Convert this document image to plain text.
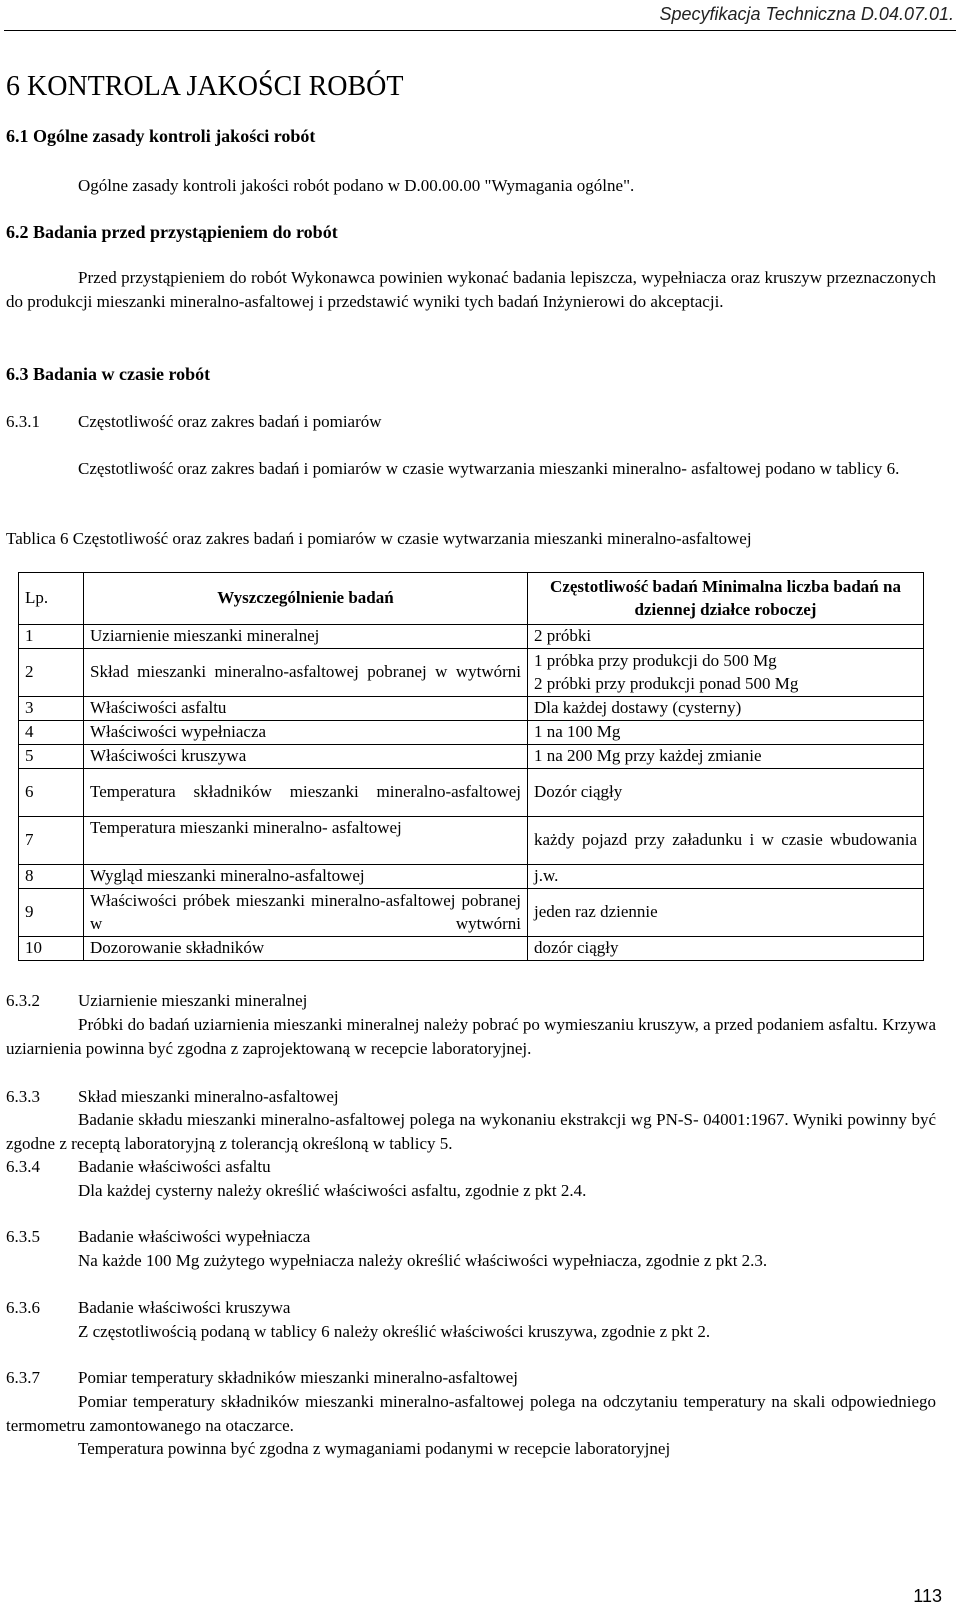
Specyfikacja Techniczna D.04.07.01.
6 KONTROLA JAKOŚCI ROBÓT
6.1 Ogólne zasady kontroli jakości robót

Ogólne zasady kontroli jakości robót podano w D.00.00.00 "Wymagania ogólne".

6.2 Badania przed przystąpieniem do robót

Przed przystąpieniem do robót Wykonawca powinien wykonać badania lepiszcza, wypełniacza oraz kruszyw przeznaczonych do produkcji mieszanki mineralno-asfaltowej i przedstawić wyniki tych badań Inżynierowi do akceptacji.

6.3 Badania w czasie robót
6.3.1 Częstotliwość oraz zakres badań i pomiarów

Częstotliwość oraz zakres badań i pomiarów w czasie wytwarzania mieszanki mineralno- asfaltowej podano w tablicy 6.

Tablica 6 Częstotliwość oraz zakres badań i pomiarów w czasie wytwarzania mieszanki mineralno-asfaltowej

Lp.	Wyszczególnienie badań	Częstotliwość badań Minimalna liczba badań na dziennej działce roboczej
1	Uziarnienie mieszanki mineralnej	2 próbki
2	Skład mieszanki mineralno-asfaltowej pobranej w wytwórni	1 próbka przy produkcji do 500 Mg
2 próbki przy produkcji ponad 500 Mg

3	Właściwości asfaltu	Dla każdej dostawy (cysterny)
4	Właściwości wypełniacza	1 na 100 Mg
5	Właściwości kruszywa	1 na 200 Mg przy każdej zmianie
6	Temperatura składników mieszanki mineralno-asfaltowej	Dozór ciągły
7	Temperatura mieszanki mineralno- asfaltowej	każdy pojazd przy załadunku i w czasie wbudowania
8	Wygląd mieszanki mineralno-asfaltowej	j.w.
9	Właściwości próbek mieszanki mineralno-asfaltowej pobranej w wytwórni	jeden raz dziennie
10	Dozorowanie składników	dozór ciągły
6.3.2 Uziarnienie mieszanki mineralnej

Próbki do badań uziarnienia mieszanki mineralnej należy pobrać po wymieszaniu kruszyw, a przed podaniem asfaltu. Krzywa uziarnienia powinna być zgodna z zaprojektowaną w recepcie laboratoryjnej.

6.3.3 Skład mieszanki mineralno-asfaltowej

Badanie składu mieszanki mineralno-asfaltowej polega na wykonaniu ekstrakcji wg PN-S- 04001:1967. Wyniki powinny być zgodne z receptą laboratoryjną z tolerancją określoną w tablicy 5.

6.3.4 Badanie właściwości asfaltu

Dla każdej cysterny należy określić właściwości asfaltu, zgodnie z pkt 2.4.

6.3.5 Badanie właściwości wypełniacza

Na każde 100 Mg zużytego wypełniacza należy określić właściwości wypełniacza, zgodnie z pkt 2.3.

6.3.6 Badanie właściwości kruszywa

Z częstotliwością podaną w tablicy 6 należy określić właściwości kruszywa, zgodnie z pkt 2.

6.3.7 Pomiar temperatury składników mieszanki mineralno-asfaltowej

Pomiar temperatury składników mieszanki mineralno-asfaltowej polega na odczytaniu temperatury na skali odpowiedniego termometru zamontowanego na otaczarce.

Temperatura powinna być zgodna z wymaganiami podanymi w recepcie laboratoryjnej

113
